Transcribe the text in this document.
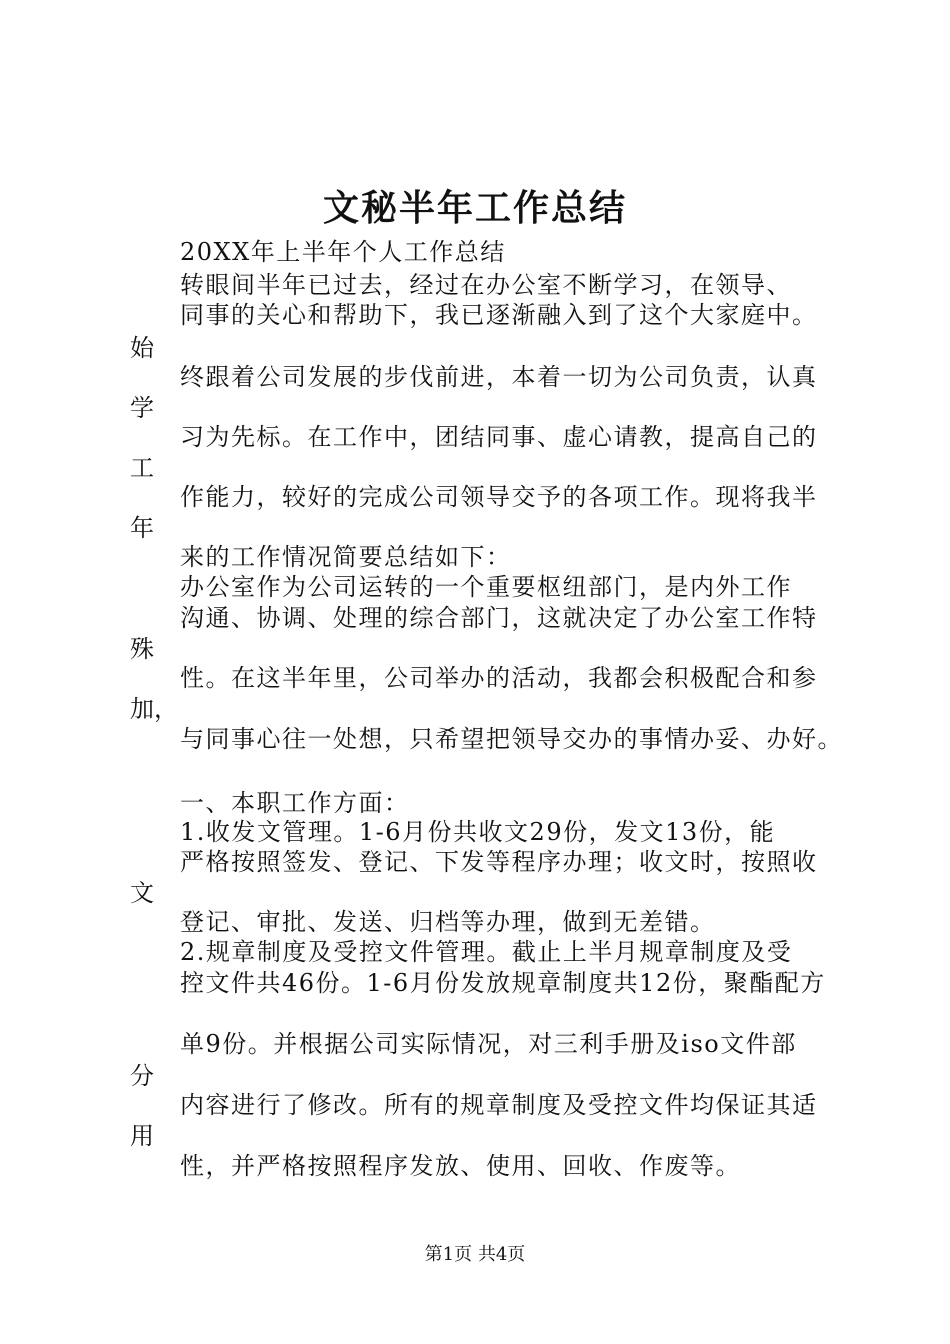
文秘半年工作总结
20XX年上半年个人工作总结
转眼间半年已过去，经过在办公室不断学习，在领导、
同事的关心和帮助下，我已逐渐融入到了这个大家庭中。
始
终跟着公司发展的步伐前进，本着一切为公司负责，认真
学
习为先标。在工作中，团结同事、虚心请教，提高自己的
工
作能力，较好的完成公司领导交予的各项工作。现将我半
年
来的工作情况简要总结如下：
办公室作为公司运转的一个重要枢纽部门，是内外工作
沟通、协调、处理的综合部门，这就决定了办公室工作特
殊
性。在这半年里，公司举办的活动，我都会积极配合和参
加，
与同事心往一处想，只希望把领导交办的事情办妥、办好。
一、本职工作方面：
1.收发文管理。1-6月份共收文29份，发文13份，能
严格按照签发、登记、下发等程序办理；收文时，按照收
文
登记、审批、发送、归档等办理，做到无差错。
2.规章制度及受控文件管理。截止上半月规章制度及受
控文件共46份。1-6月份发放规章制度共12份，聚酯配方
单9份。并根据公司实际情况，对三利手册及iso文件部
分
内容进行了修改。所有的规章制度及受控文件均保证其适
用
性，并严格按照程序发放、使用、回收、作废等。
第1页 共4页
